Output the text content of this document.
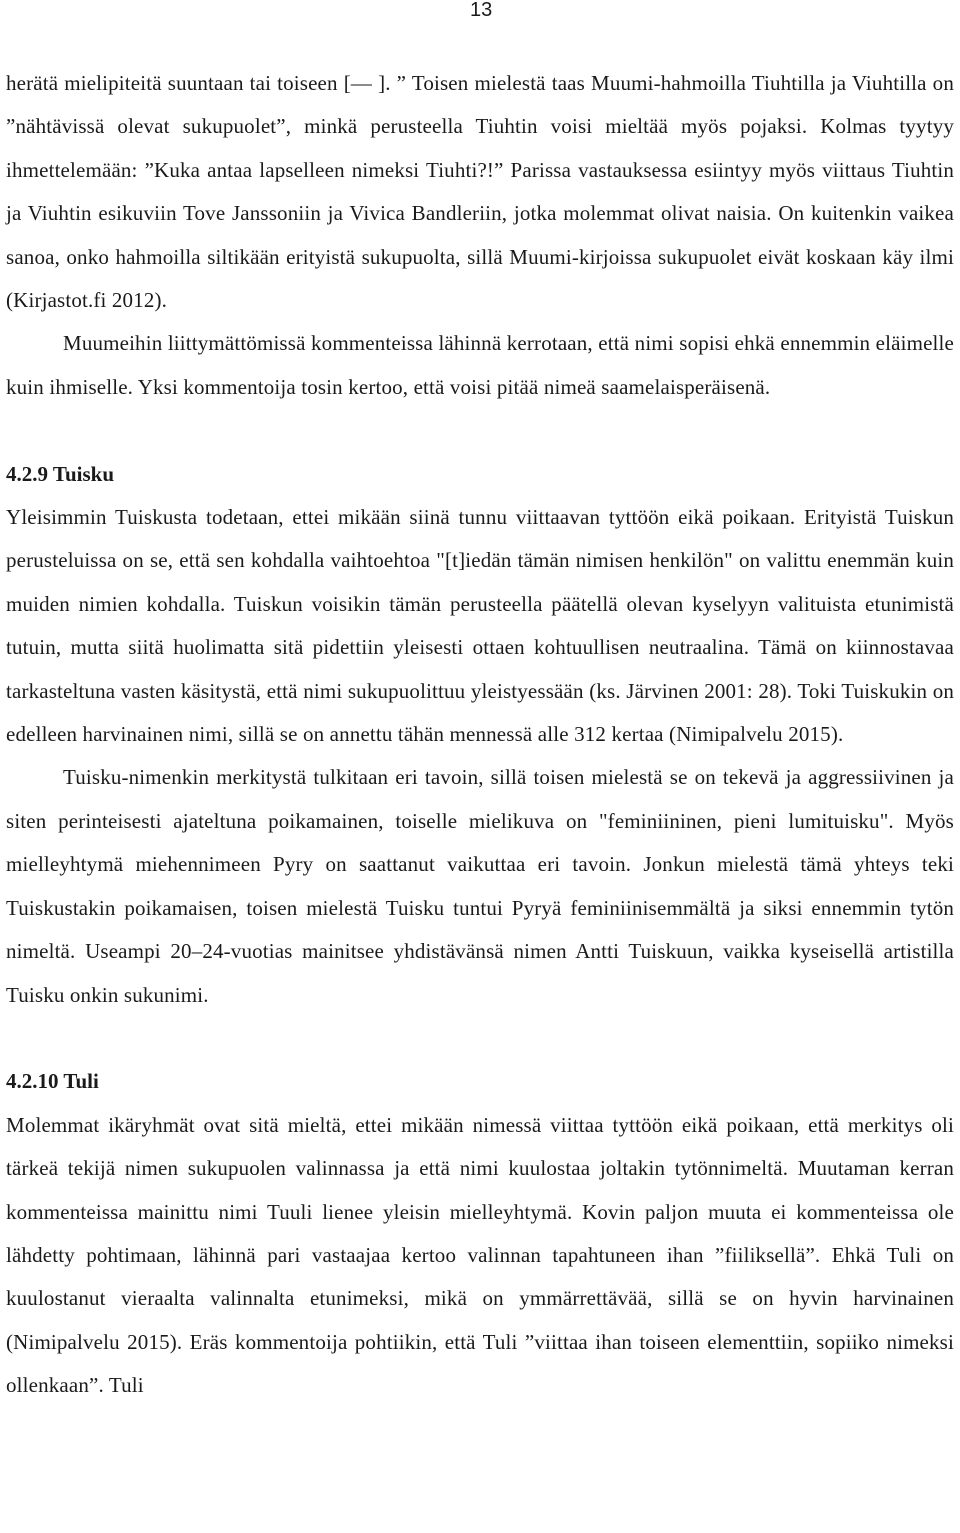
13

herätä mielipiteitä suuntaan tai toiseen [— ]. ” Toisen mielestä taas Muumi-hahmoilla Tiuhtilla ja Viuhtilla on ”nähtävissä olevat sukupuolet”, minkä perusteella Tiuhtin voisi mieltää myös pojaksi. Kolmas tyytyy ihmettelemään: ”Kuka antaa lapselleen nimeksi Tiuhti?!” Parissa vastauksessa esiintyy myös viittaus Tiuhtin ja Viuhtin esikuviin Tove Janssoniin ja Vivica Bandleriin, jotka molemmat olivat naisia. On kuitenkin vaikea sanoa, onko hahmoilla siltikään erityistä sukupuolta, sillä Muumi-kirjoissa sukupuolet eivät koskaan käy ilmi (Kirjastot.fi 2012).

Muumeihin liittymättömissä kommenteissa lähinnä kerrotaan, että nimi sopisi ehkä ennemmin eläimelle kuin ihmiselle. Yksi kommentoija tosin kertoo, että voisi pitää nimeä saamelaisperäisenä.

4.2.9 Tuisku

Yleisimmin Tuiskusta todetaan, ettei mikään siinä tunnu viittaavan tyttöön eikä poikaan. Erityistä Tuiskun perusteluissa on se, että sen kohdalla vaihtoehtoa "[t]iedän tämän nimisen henkilön" on valittu enemmän kuin muiden nimien kohdalla. Tuiskun voisikin tämän perusteella päätellä olevan kyselyyn valituista etunimistä tutuin, mutta siitä huolimatta sitä pidettiin yleisesti ottaen kohtuullisen neutraalina. Tämä on kiinnostavaa tarkasteltuna vasten käsitystä, että nimi sukupuolittuu yleistyessään (ks. Järvinen 2001: 28). Toki Tuiskukin on edelleen harvinainen nimi, sillä se on annettu tähän mennessä alle 312 kertaa (Nimipalvelu 2015).

Tuisku-nimenkin merkitystä tulkitaan eri tavoin, sillä toisen mielestä se on tekevä ja aggressiivinen ja siten perinteisesti ajateltuna poikamainen, toiselle mielikuva on "feminiininen, pieni lumituisku". Myös mielleyhtymä miehennimeen Pyry on saattanut vaikuttaa eri tavoin. Jonkun mielestä tämä yhteys teki Tuiskustakin poikamaisen, toisen mielestä Tuisku tuntui Pyryä feminiinisemmältä ja siksi ennemmin tytön nimeltä. Useampi 20–24-vuotias mainitsee yhdistävänsä nimen Antti Tuiskuun, vaikka kyseisellä artistilla Tuisku onkin sukunimi.

4.2.10 Tuli

Molemmat ikäryhmät ovat sitä mieltä, ettei mikään nimessä viittaa tyttöön eikä poikaan, että merkitys oli tärkeä tekijä nimen sukupuolen valinnassa ja että nimi kuulostaa joltakin tytönnimeltä. Muutaman kerran kommenteissa mainittu nimi Tuuli lienee yleisin mielleyhtymä. Kovin paljon muuta ei kommenteissa ole lähdetty pohtimaan, lähinnä pari vastaajaa kertoo valinnan tapahtuneen ihan ”fiiliksellä”. Ehkä Tuli on kuulostanut vieraalta valinnalta etunimeksi, mikä on ymmärrettävää, sillä se on hyvin harvinainen (Nimipalvelu 2015). Eräs kommentoija pohtiikin, että Tuli ”viittaa ihan toiseen elementtiin, sopiiko nimeksi ollenkaan”. Tuli
